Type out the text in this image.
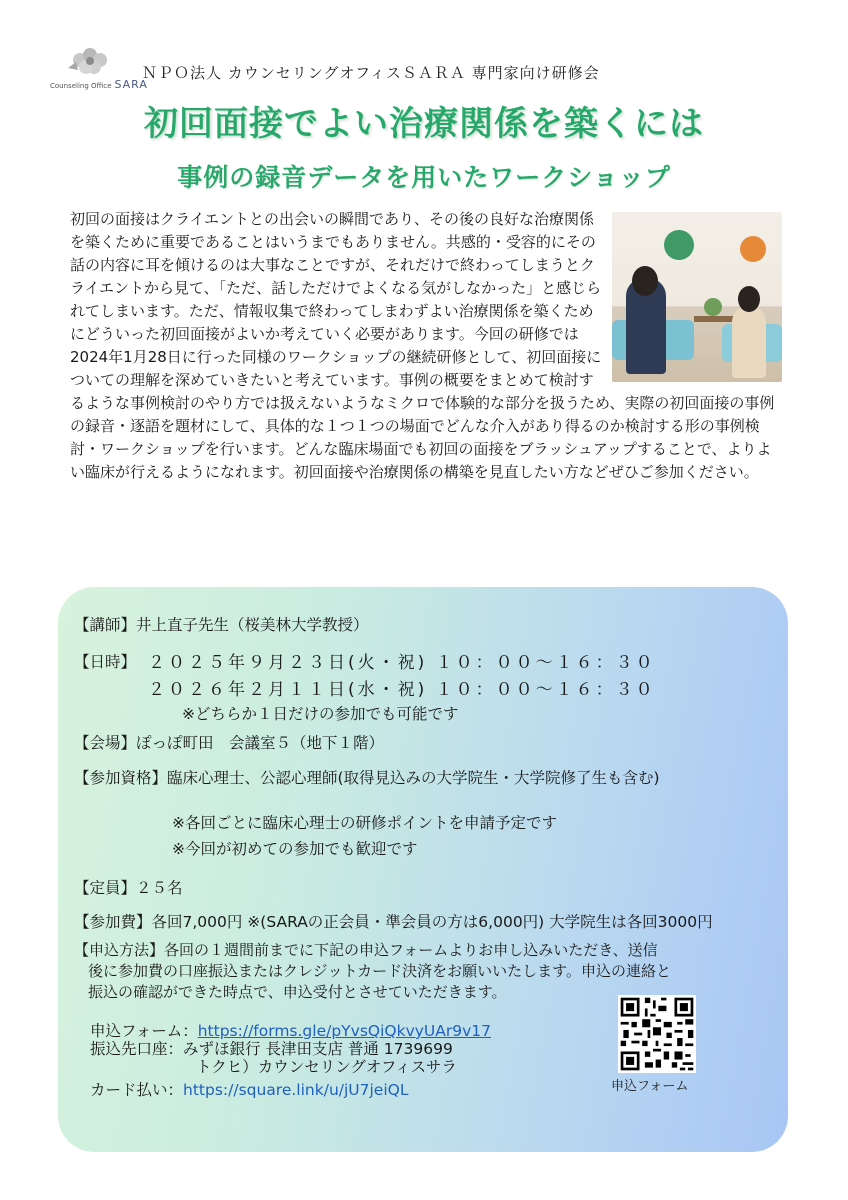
Counseling Office SARA
ＮＰＯ法人 カウンセリングオフィスＳＡＲＡ 専門家向け研修会
初回面接でよい治療関係を築くには
事例の録音データを用いたワークショップ
初回の面接はクライエントとの出会いの瞬間であり、その後の良好な治療関係を築くために重要であることはいうまでもありません。共感的・受容的にその話の内容に耳を傾けるのは大事なことですが、それだけで終わってしまうとクライエントから見て、「ただ、話しただけでよくなる気がしなかった」と感じられてしまいます。ただ、情報収集で終わってしまわずよい治療関係を築くためにどういった初回面接がよいか考えていく必要があります。今回の研修では2024年1月28日に行った同様のワークショップの継続研修として、初回面接についての理解を深めていきたいと考えています。事例の概要をまとめて検討するような事例検討のやり方では扱えないようなミクロで体験的な部分を扱うため、実際の初回面接の事例の録音・逐語を題材にして、具体的な１つ１つの場面でどんな介入があり得るのか検討する形の事例検討・ワークショップを行います。どんな臨床場面でも初回の面接をブラッシュアップすることで、よりよい臨床が行えるようになれます。初回面接や治療関係の構築を見直したい方などぜひご参加ください。
【講師】井上直子先生（桜美林大学教授）
【日時】 ２０２５年９月２３日(火・祝) １０：００～１６：３０
２０２６年２月１１日(水・祝) １０：００～１６：３０
※どちらか１日だけの参加でも可能です
【会場】ぽっぽ町田　会議室５（地下１階）
【参加資格】臨床心理士、公認心理師(取得見込みの大学院生・大学院修了生も含む)
※各回ごとに臨床心理士の研修ポイントを申請予定です
※今回が初めての参加でも歓迎です
【定員】２５名
【参加費】各回7,000円 ※(SARAの正会員・準会員の方は6,000円) 大学院生は各回3000円
【申込方法】各回の１週間前までに下記の申込フォームよりお申し込みいただき、送信
後に参加費の口座振込またはクレジットカード決済をお願いいたします。申込の連絡と
振込の確認ができた時点で、申込受付とさせていただきます。
申込フォーム：https://forms.gle/pYvsQiQkvyUAr9v17
振込先口座：みずほ銀行 長津田支店 普通 1739699
トクヒ）カウンセリングオフィスサラ
カード払い：https://square.link/u/jU7jeiQL	申込フォーム
